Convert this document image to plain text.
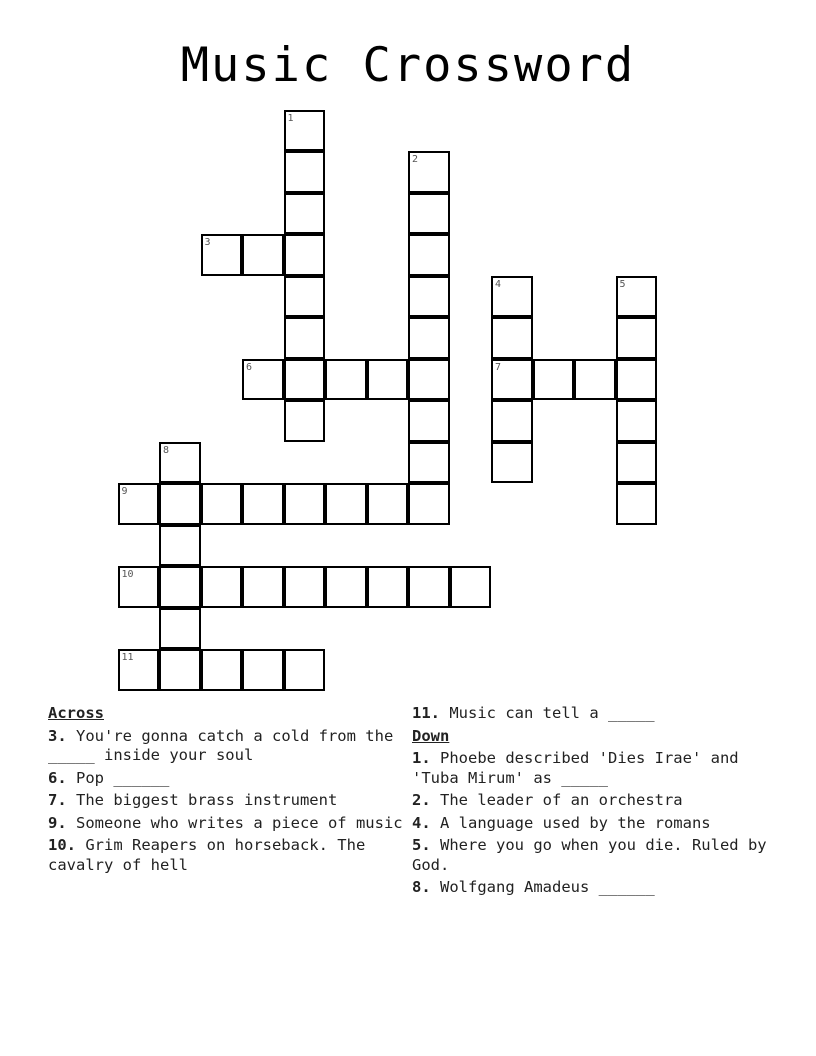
Music Crossword
1
2
3
4
7
5
6
8
9
10
11
Across
3. You're gonna catch a cold from the _____ inside your soul
6. Pop ______
7. The biggest brass instrument
9. Someone who writes a piece of music
10. Grim Reapers on horseback. The cavalry of hell
11. Music can tell a _____
Down
1. Phoebe described 'Dies Irae' and 'Tuba Mirum' as _____
2. The leader of an orchestra
4. A language used by the romans
5. Where you go when you die. Ruled by God.
8. Wolfgang Amadeus ______
